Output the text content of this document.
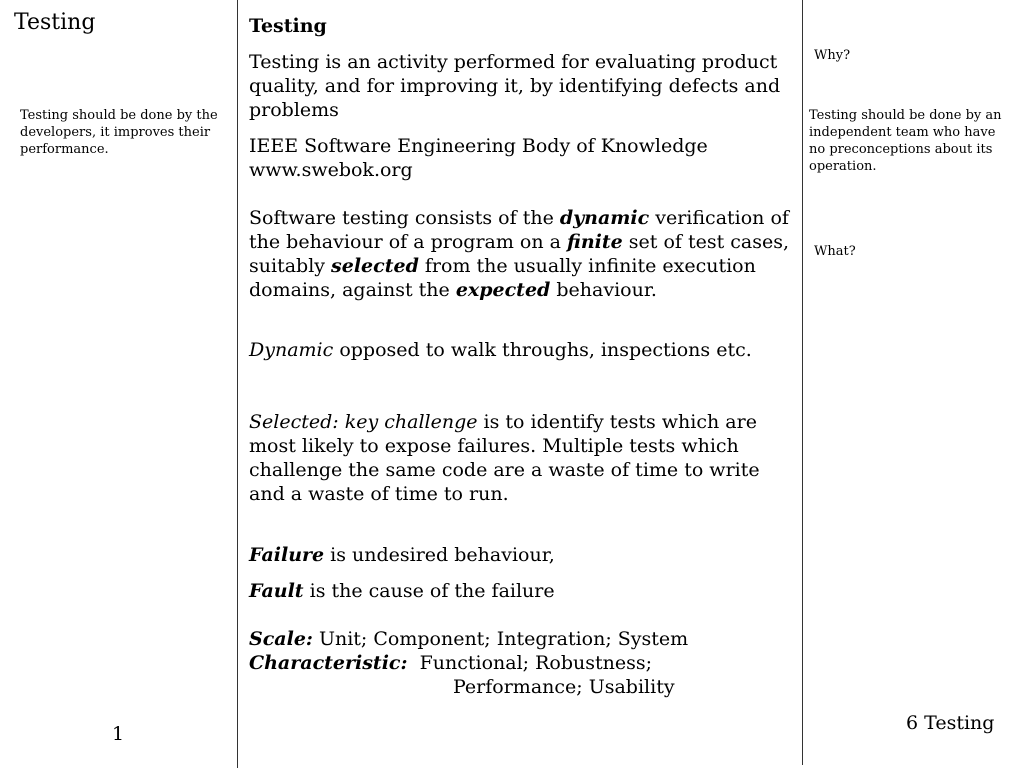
Testing
Testing should be done by the developers, it improves their performance.
1

Testing

Testing is an activity performed for evaluating product quality, and for improving it, by identifying defects and problems

IEEE Software Engineering Body of Knowledge
www.swebok.org

Software testing consists of the dynamic verification of the behaviour of a program on a finite set of test cases, suitably selected from the usually infinite execution domains, against the expected behaviour.

Dynamic opposed to walk throughs, inspections etc.

Selected: key challenge is to identify tests which are most likely to expose failures. Multiple tests which challenge the same code are a waste of time to write and a waste of time to run.

Failure is undesired behaviour,

Fault is the cause of the failure

Scale: Unit; Component; Integration; System
Characteristic:  Functional; Robustness;

Performance; Usability

Why?
Testing should be done by an independent team who have no preconceptions about its operation.
What?
6 Testing
